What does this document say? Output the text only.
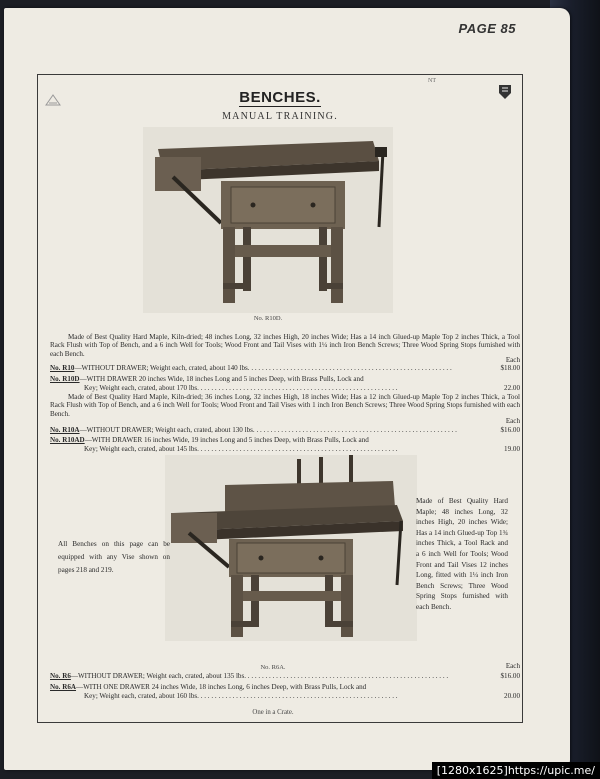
PAGE 85
NT
BENCHES.
MANUAL TRAINING.
No. R10D.
Made of Best Quality Hard Maple, Kiln-dried; 48 inches Long, 32 inches High, 20 inches Wide; Has a 14 inch Glued-up Maple Top 2 inches Thick, a Tool Rack Flush with Top of Bench, and a 6 inch Well for Tools; Wood Front and Tail Vises with 1¼ inch Iron Bench Screws; Three Wood Spring Stops furnished with each Bench.
Each
No. R10—WITHOUT DRAWER; Weight each, crated, about 140 lbs. . . . . . . . . . . . . . . . . . . . . . . . . . . . . . . . . . . . . . . . . . . . . . . . . . . . . . . . . .	$18.00
No. R10D—WITH DRAWER 20 inches Wide, 18 inches Long and 5 inches Deep, with Brass Pulls, Lock and
Key; Weight each, crated, about 170 lbs. . . . . . . . . . . . . . . . . . . . . . . . . . . . . . . . . . . . . . . . . . . . . . . . . . . . . . . . .	22.00
Made of Best Quality Hard Maple, Kiln-dried; 36 inches Long, 32 inches High, 18 inches Wide; Has a 12 inch Glued-up Maple Top 2 inches Thick, a Tool Rack Flush with Top of Bench, and a 6 inch Well for Tools; Wood Front and Tail Vises with 1 inch Iron Bench Screws; Three Wood Spring Stops furnished with each Bench.
Each
No. R10A—WITHOUT DRAWER; Weight each, crated, about 130 lbs. . . . . . . . . . . . . . . . . . . . . . . . . . . . . . . . . . . . . . . . . . . . . . . . . . . . . . . . . .	$16.00
No. R10AD—WITH DRAWER 16 inches Wide, 19 inches Long and 5 inches Deep, with Brass Pulls, Lock and
Key; Weight each, crated, about 145 lbs. . . . . . . . . . . . . . . . . . . . . . . . . . . . . . . . . . . . . . . . . . . . . . . . . . . . . . . . .	19.00
No. R6A.
All Benches on this page can be equipped with any Vise shown on pages 218 and 219.
Made of Best Quality Hard Maple; 48 inches Long, 32 inches High, 20 inches Wide; Has a 14 inch Glued-up Top 1¾ inches Thick, a Tool Rack and a 6 inch Well for Tools; Wood Front and Tail Vises 12 inches Long, fitted with 1¼ inch Iron Bench Screws; Three Wood Spring Stops furnished with each Bench.
Each
No. R6—WITHOUT DRAWER; Weight each, crated, about 135 lbs. . . . . . . . . . . . . . . . . . . . . . . . . . . . . . . . . . . . . . . . . . . . . . . . . . . . . . . . . .	$16.00
No. R6A—WITH ONE DRAWER 24 inches Wide, 18 inches Long, 6 inches Deep, with Brass Pulls, Lock and
Key; Weight each, crated, about 160 lbs. . . . . . . . . . . . . . . . . . . . . . . . . . . . . . . . . . . . . . . . . . . . . . . . . . . . . . . . .	20.00
One in a Crate.
[1280x1625]https://upic.me/
